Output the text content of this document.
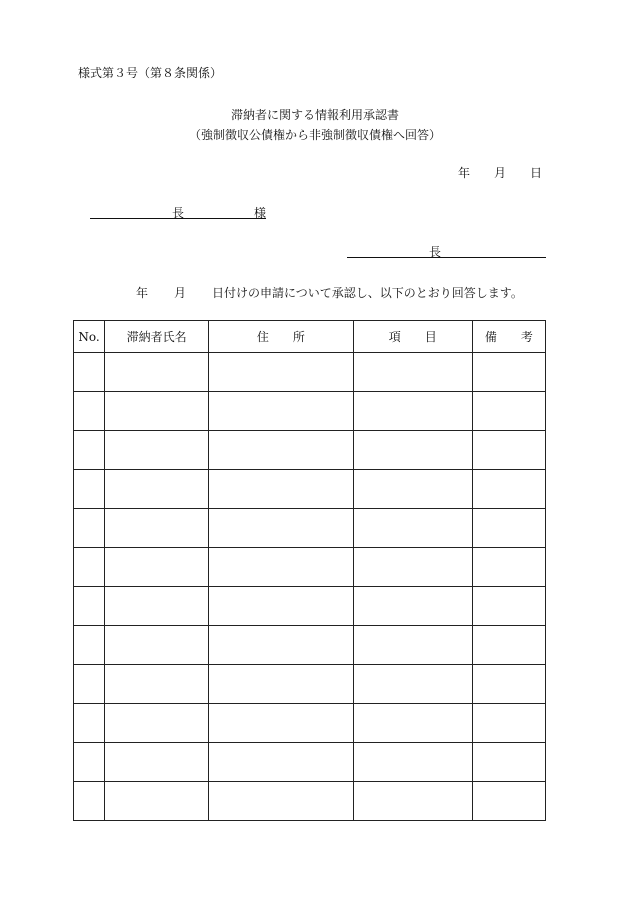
様式第３号（第８条関係）
滞納者に関する情報利用承認書
（強制徴収公債権から非強制徴収債権へ回答）
年 月 日
長	様
長
年 月 日付けの申請について承認し、以下のとおり回答します。
No.	滞納者氏名	住　　所	項　　目	備　　考
